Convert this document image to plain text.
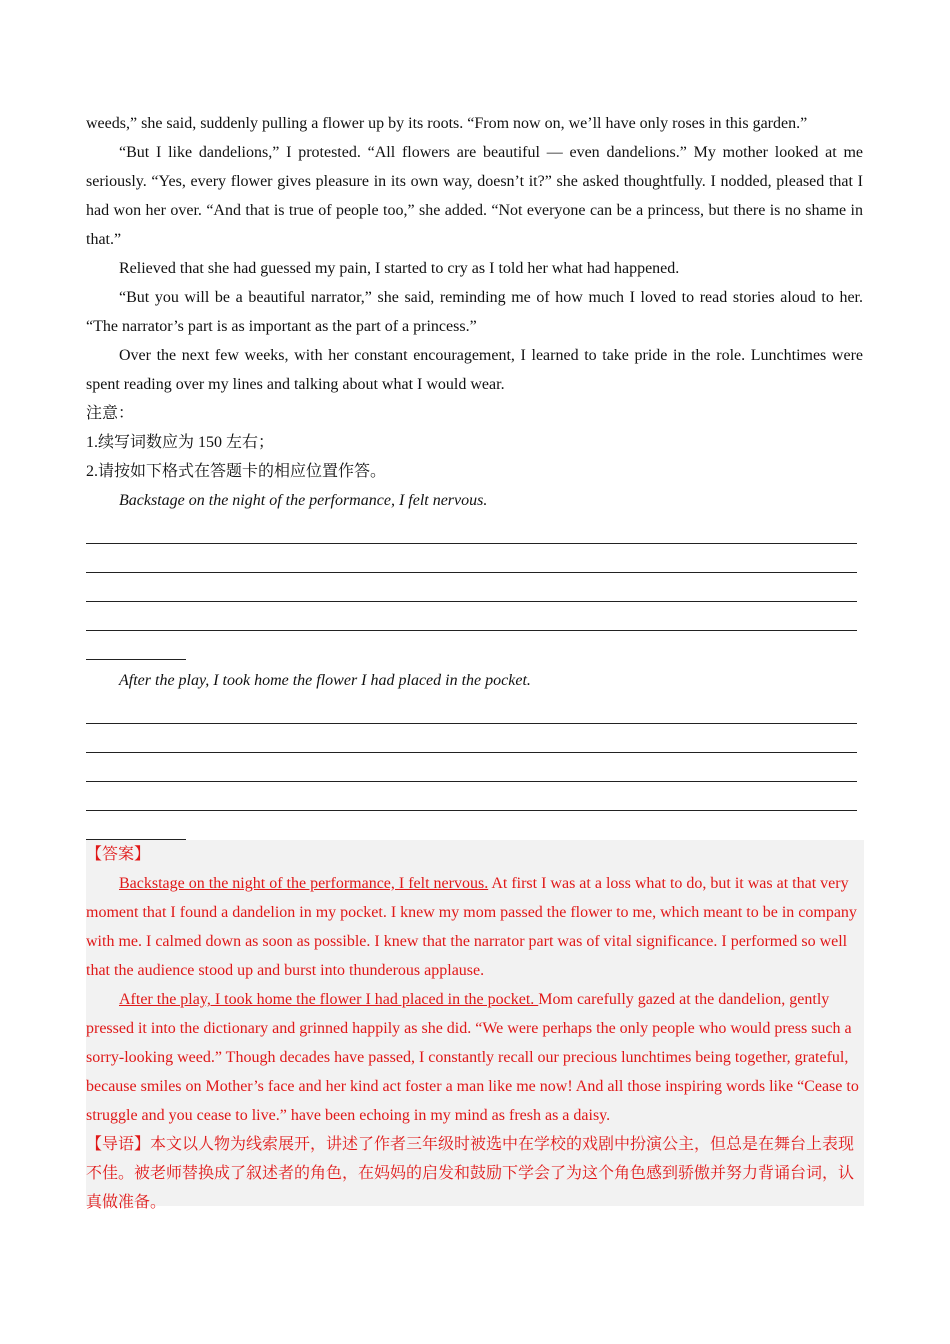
weeds,” she said, suddenly pulling a flower up by its roots. “From now on, we’ll have only roses in this garden.”

“But I like dandelions,” I protested. “All flowers are beautiful — even dandelions.” My mother looked at me seriously. “Yes, every flower gives pleasure in its own way, doesn’t it?” she asked thoughtfully. I nodded, pleased that I had won her over. “And that is true of people too,” she added. “Not everyone can be a princess, but there is no shame in that.”

Relieved that she had guessed my pain, I started to cry as I told her what had happened.

“But you will be a beautiful narrator,” she said, reminding me of how much I loved to read stories aloud to her. “The narrator’s part is as important as the part of a princess.”

Over the next few weeks, with her constant encouragement, I learned to take pride in the role. Lunchtimes were spent reading over my lines and talking about what I would wear.

注意：

1.续写词数应为 150 左右；

2.请按如下格式在答题卡的相应位置作答。

Backstage on the night of the performance, I felt nervous.

After the play, I took home the flower I had placed in the pocket.

【答案】

Backstage on the night of the performance, I felt nervous. At first I was at a loss what to do, but it was at that very moment that I found a dandelion in my pocket. I knew my mom passed the flower to me, which meant to be in company with me. I calmed down as soon as possible. I knew that the narrator part was of vital significance. I performed so well that the audience stood up and burst into thunderous applause.

After the play, I took home the flower I had placed in the pocket. Mom carefully gazed at the dandelion, gently pressed it into the dictionary and grinned happily as she did. “We were perhaps the only people who would press such a sorry-looking weed.” Though decades have passed, I constantly recall our precious lunchtimes being together, grateful, because smiles on Mother’s face and her kind act foster a man like me now! And all those inspiring words like “Cease to struggle and you cease to live.” have been echoing in my mind as fresh as a daisy.

【导语】本文以人物为线索展开，讲述了作者三年级时被选中在学校的戏剧中扮演公主，但总是在舞台上表现不佳。被老师替换成了叙述者的角色，在妈妈的启发和鼓励下学会了为这个角色感到骄傲并努力背诵台词，认真做准备。
